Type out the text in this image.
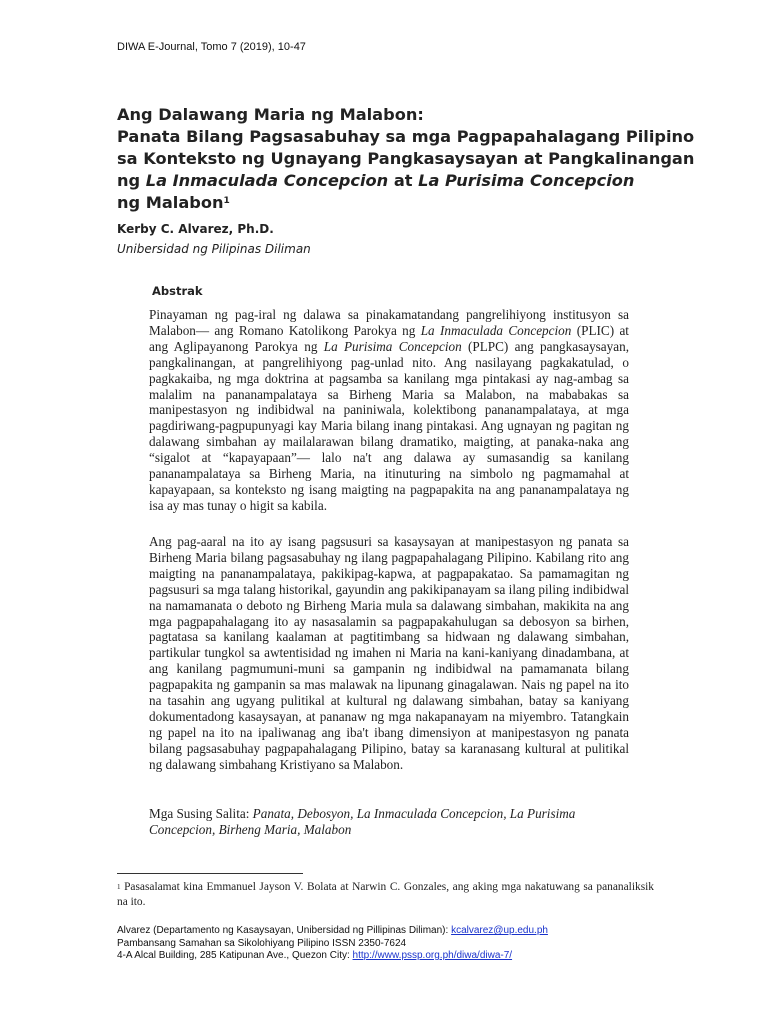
DIWA E-Journal, Tomo 7 (2019), 10-47
Ang Dalawang Maria ng Malabon:
Panata Bilang Pagsasabuhay sa mga Pagpapahalagang Pilipino
sa Konteksto ng Ugnayang Pangkasaysayan at Pangkalinangan
ng La Inmaculada Concepcion at La Purisima Concepcion
ng Malabon$^1$
Kerby C. Alvarez, Ph.D.
Unibersidad ng Pilipinas Diliman
Abstrak

Pinayaman ng pag-iral ng dalawa sa pinakamatandang pangrelihiyong institusyon sa Malabon— ang Romano Katolikong Parokya ng La Inmaculada Concepcion (PLIC) at ang Aglipayanong Parokya ng La Purisima Concepcion (PLPC) ang pangkasaysayan, pangkalinangan, at pangrelihiyong pag-unlad nito. Ang nasilayang pagkakatulad, o pagkakaiba, ng mga doktrina at pagsamba sa kanilang mga pintakasi ay nag-ambag sa malalim na pananampalataya sa Birheng Maria sa Malabon, na mababakas sa manipestasyon ng indibidwal na paniniwala, kolektibong pananampalataya, at mga pagdiriwang-pagpupunyagi kay Maria bilang inang pintakasi. Ang ugnayan ng pagitan ng dalawang simbahan ay mailalarawan bilang dramatiko, maigting, at panaka-naka ang “sigalot at “kapayapaan”— lalo na't ang dalawa ay sumasandig sa kanilang pananampalataya sa Birheng Maria, na itinuturing na simbolo ng pagmamahal at kapayapaan, sa konteksto ng isang maigting na pagpapakita na ang pananampalataya ng isa ay mas tunay o higit sa kabila.

Ang pag-aaral na ito ay isang pagsusuri sa kasaysayan at manipestasyon ng panata sa Birheng Maria bilang pagsasabuhay ng ilang pagpapahalagang Pilipino. Kabilang rito ang maigting na pananampalataya, pakikipag-kapwa, at pagpapakatao. Sa pamamagitan ng pagsusuri sa mga talang historikal, gayundin ang pakikipanayam sa ilang piling indibidwal na namamanata o deboto ng Birheng Maria mula sa dalawang simbahan, makikita na ang mga pagpapahalagang ito ay nasasalamin sa pagpapakahulugan sa debosyon sa birhen, pagtatasa sa kanilang kaalaman at pagtitimbang sa hidwaan ng dalawang simbahan, partikular tungkol sa awtentisidad ng imahen ni Maria na kani-kaniyang dinadambana, at ang kanilang pagmumuni-muni sa gampanin ng indibidwal na pamamanata bilang pagpapakita ng gampanin sa mas malawak na lipunang ginagalawan. Nais ng papel na ito na tasahin ang ugyang pulitikal at kultural ng dalawang simbahan, batay sa kaniyang dokumentadong kasaysayan, at pananaw ng mga nakapanayam na miyembro. Tatangkain ng papel na ito na ipaliwanag ang iba't ibang dimensiyon at manipestasyon ng panata bilang pagsasabuhay pagpapahalagang Pilipino, batay sa karanasang kultural at pulitikal ng dalawang simbahang Kristiyano sa Malabon.

Mga Susing Salita: Panata, Debosyon, La Inmaculada Concepcion, La Purisima Concepcion, Birheng Maria, Malabon

$^1$ Pasasalamat kina Emmanuel Jayson V. Bolata at Narwin C. Gonzales, ang aking mga nakatuwang sa pananaliksik na ito.
Alvarez (Departamento ng Kasaysayan, Unibersidad ng Pillipinas Diliman): kcalvarez@up.edu.ph
Pambansang Samahan sa Sikolohiyang Pilipino ISSN 2350-7624
4-A Alcal Building, 285 Katipunan Ave., Quezon City: http://www.pssp.org.ph/diwa/diwa-7/
